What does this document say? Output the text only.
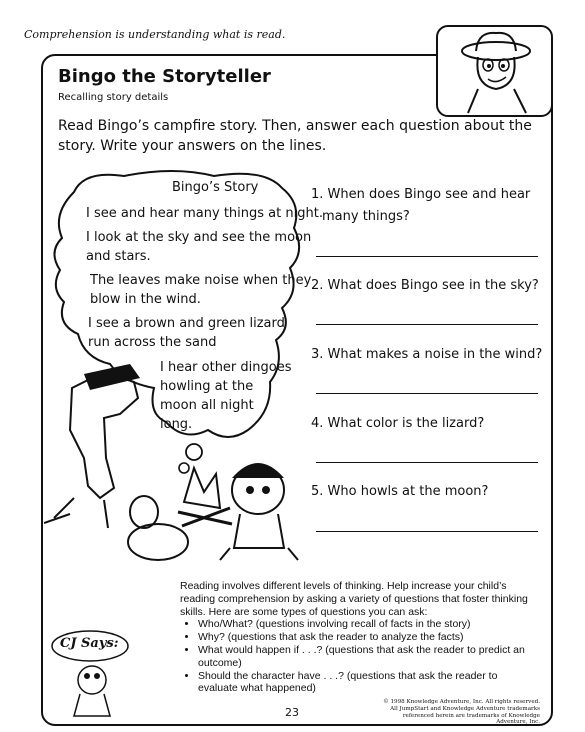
Comprehension is understanding what is read.
Bingo the Storyteller
Recalling story details
Read Bingo’s campfire story. Then, answer each question about the story. Write your answers on the lines.
Bingo’s Story
I see and hear many things at night.
I look at the sky and see the moon
and stars.
The leaves make noise when they
blow in the wind.
I see a brown and green lizard
run across the sand
I hear other dingoes
howling at the
moon all night
long.
1. When does Bingo see and hear
many things?
2. What does Bingo see in the sky?
3. What makes a noise in the wind?
4. What color is the lizard?
5. Who howls at the moon?
CJ Says:
Reading involves different levels of thinking. Help increase your child’s reading comprehension by asking a variety of questions that foster thinking skills. Here are some types of questions you can ask:
• Who/What? (questions involving recall of facts in the story)
• Why? (questions that ask the reader to analyze the facts)
• What would happen if . . .? (questions that ask the reader to predict an outcome)
• Should the character have . . .? (questions that ask the reader to evaluate what happened)
23
© 1998 Knowledge Adventure, Inc. All rights reserved. All JumpStart and Knowledge Adventure trademarks referenced herein are trademarks of Knowledge Adventure, Inc.
